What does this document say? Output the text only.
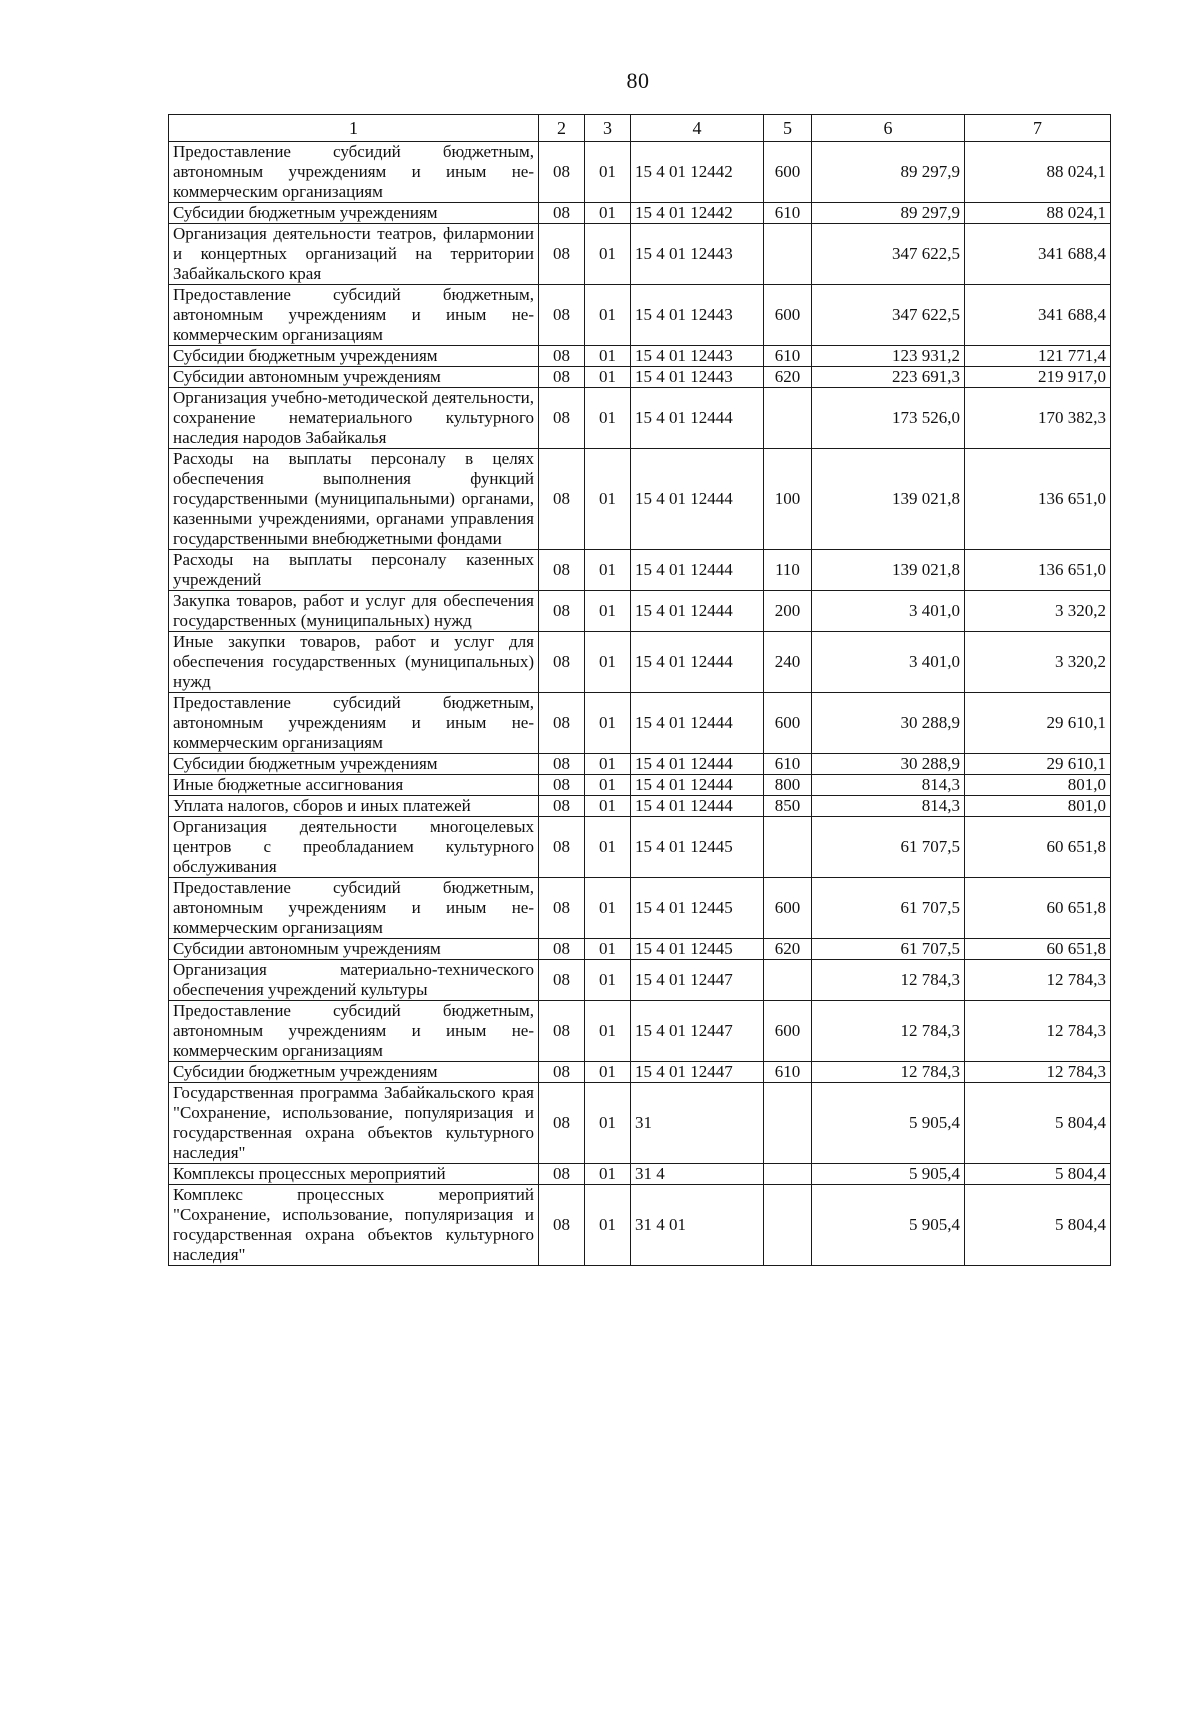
80
1	2	3	4	5	6	7
Предоставление субсидий бюджетным, автономным учреждениям и иным не-коммерческим организациям	08	01	15 4 01 12442	600	89 297,9	88 024,1
Субсидии бюджетным учреждениям	08	01	15 4 01 12442	610	89 297,9	88 024,1
Организация деятельности театров, филармонии и концертных организаций на территории Забайкальского края	08	01	15 4 01 12443		347 622,5	341 688,4
Предоставление субсидий бюджетным, автономным учреждениям и иным не-коммерческим организациям	08	01	15 4 01 12443	600	347 622,5	341 688,4
Субсидии бюджетным учреждениям	08	01	15 4 01 12443	610	123 931,2	121 771,4
Субсидии автономным учреждениям	08	01	15 4 01 12443	620	223 691,3	219 917,0
Организация учебно-методической деятельности, сохранение нематериального культурного наследия народов Забайкалья	08	01	15 4 01 12444		173 526,0	170 382,3
Расходы на выплаты персоналу в целях обеспечения выполнения функций государственными (муниципальными) органами, казенными учреждениями, органами управления государственными внебюджетными фондами	08	01	15 4 01 12444	100	139 021,8	136 651,0
Расходы на выплаты персоналу казенных учреждений	08	01	15 4 01 12444	110	139 021,8	136 651,0
Закупка товаров, работ и услуг для обеспечения государственных (муниципальных) нужд	08	01	15 4 01 12444	200	3 401,0	3 320,2
Иные закупки товаров, работ и услуг для обеспечения государственных (муниципальных) нужд	08	01	15 4 01 12444	240	3 401,0	3 320,2
Предоставление субсидий бюджетным, автономным учреждениям и иным не-коммерческим организациям	08	01	15 4 01 12444	600	30 288,9	29 610,1
Субсидии бюджетным учреждениям	08	01	15 4 01 12444	610	30 288,9	29 610,1
Иные бюджетные ассигнования	08	01	15 4 01 12444	800	814,3	801,0
Уплата налогов, сборов и иных платежей	08	01	15 4 01 12444	850	814,3	801,0
Организация деятельности многоцелевых центров с преобладанием культурного обслуживания	08	01	15 4 01 12445		61 707,5	60 651,8
Предоставление субсидий бюджетным, автономным учреждениям и иным не-коммерческим организациям	08	01	15 4 01 12445	600	61 707,5	60 651,8
Субсидии автономным учреждениям	08	01	15 4 01 12445	620	61 707,5	60 651,8
Организация материально-технического обеспечения учреждений культуры	08	01	15 4 01 12447		12 784,3	12 784,3
Предоставление субсидий бюджетным, автономным учреждениям и иным не-коммерческим организациям	08	01	15 4 01 12447	600	12 784,3	12 784,3
Субсидии бюджетным учреждениям	08	01	15 4 01 12447	610	12 784,3	12 784,3
Государственная программа Забайкальского края "Сохранение, использование, популяризация и государственная охрана объектов культурного наследия"	08	01	31		5 905,4	5 804,4
Комплексы процессных мероприятий	08	01	31 4		5 905,4	5 804,4
Комплекс процессных мероприятий "Сохранение, использование, популяризация и государственная охрана объектов культурного наследия"	08	01	31 4 01		5 905,4	5 804,4
